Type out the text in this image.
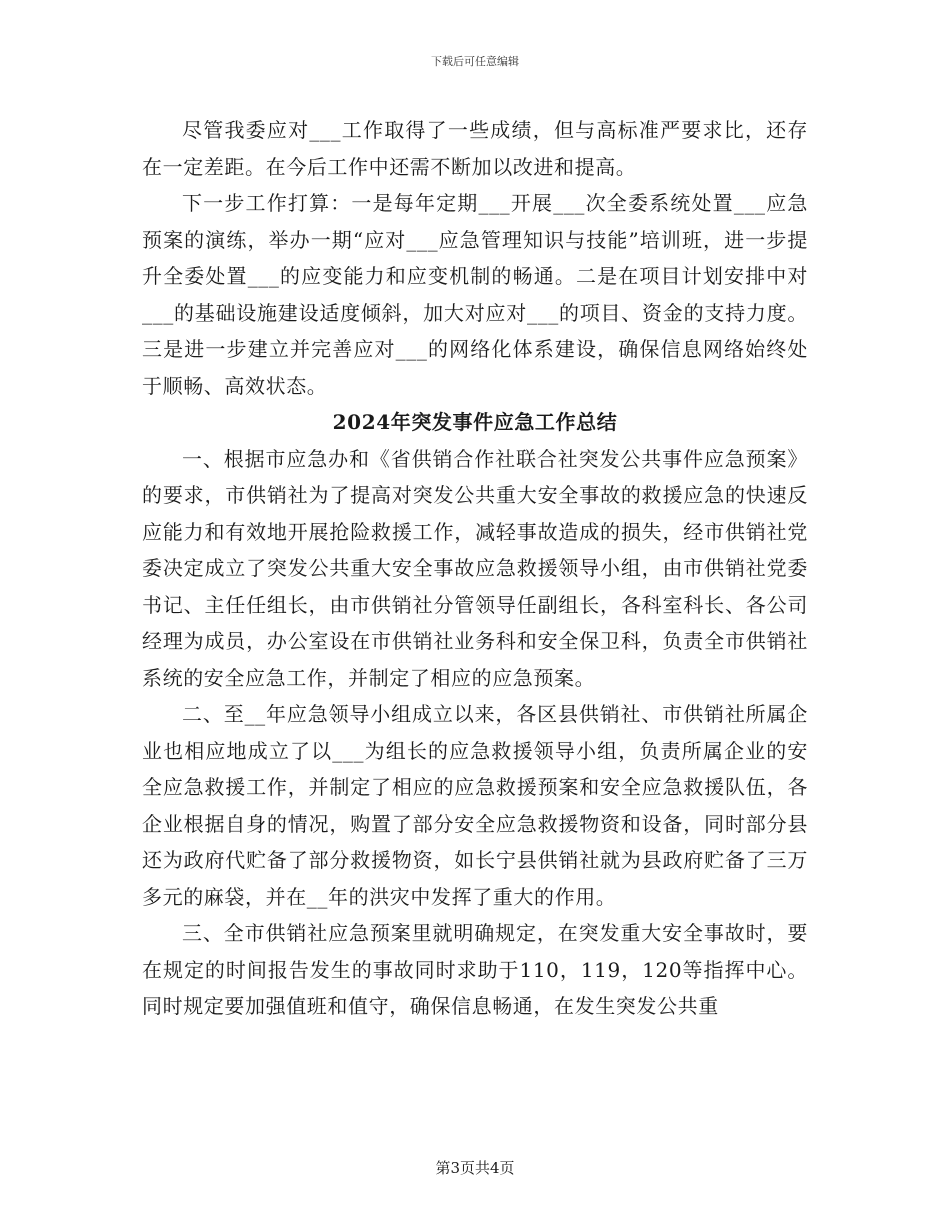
下载后可任意编辑

尽管我委应对___工作取得了一些成绩，但与高标准严要求比，还存在一定差距。在今后工作中还需不断加以改进和提高。

下一步工作打算：一是每年定期___开展___次全委系统处置___应急预案的演练，举办一期“应对___应急管理知识与技能”培训班，进一步提升全委处置___的应变能力和应变机制的畅通。二是在项目计划安排中对___的基础设施建设适度倾斜，加大对应对___的项目、资金的支持力度。三是进一步建立并完善应对___的网络化体系建设，确保信息网络始终处于顺畅、高效状态。

2024年突发事件应急工作总结

一、根据市应急办和《省供销合作社联合社突发公共事件应急预案》的要求，市供销社为了提高对突发公共重大安全事故的救援应急的快速反应能力和有效地开展抢险救援工作，减轻事故造成的损失，经市供销社党委决定成立了突发公共重大安全事故应急救援领导小组，由市供销社党委书记、主任任组长，由市供销社分管领导任副组长，各科室科长、各公司经理为成员，办公室设在市供销社业务科和安全保卫科，负责全市供销社系统的安全应急工作，并制定了相应的应急预案。

二、至__年应急领导小组成立以来，各区县供销社、市供销社所属企业也相应地成立了以___为组长的应急救援领导小组，负责所属企业的安全应急救援工作，并制定了相应的应急救援预案和安全应急救援队伍，各企业根据自身的情况，购置了部分安全应急救援物资和设备，同时部分县还为政府代贮备了部分救援物资，如长宁县供销社就为县政府贮备了三万多元的麻袋，并在__年的洪灾中发挥了重大的作用。

三、全市供销社应急预案里就明确规定，在突发重大安全事故时，要在规定的时间报告发生的事故同时求助于110，119，120等指挥中心。同时规定要加强值班和值守，确保信息畅通，在发生突发公共重

第3页共4页
